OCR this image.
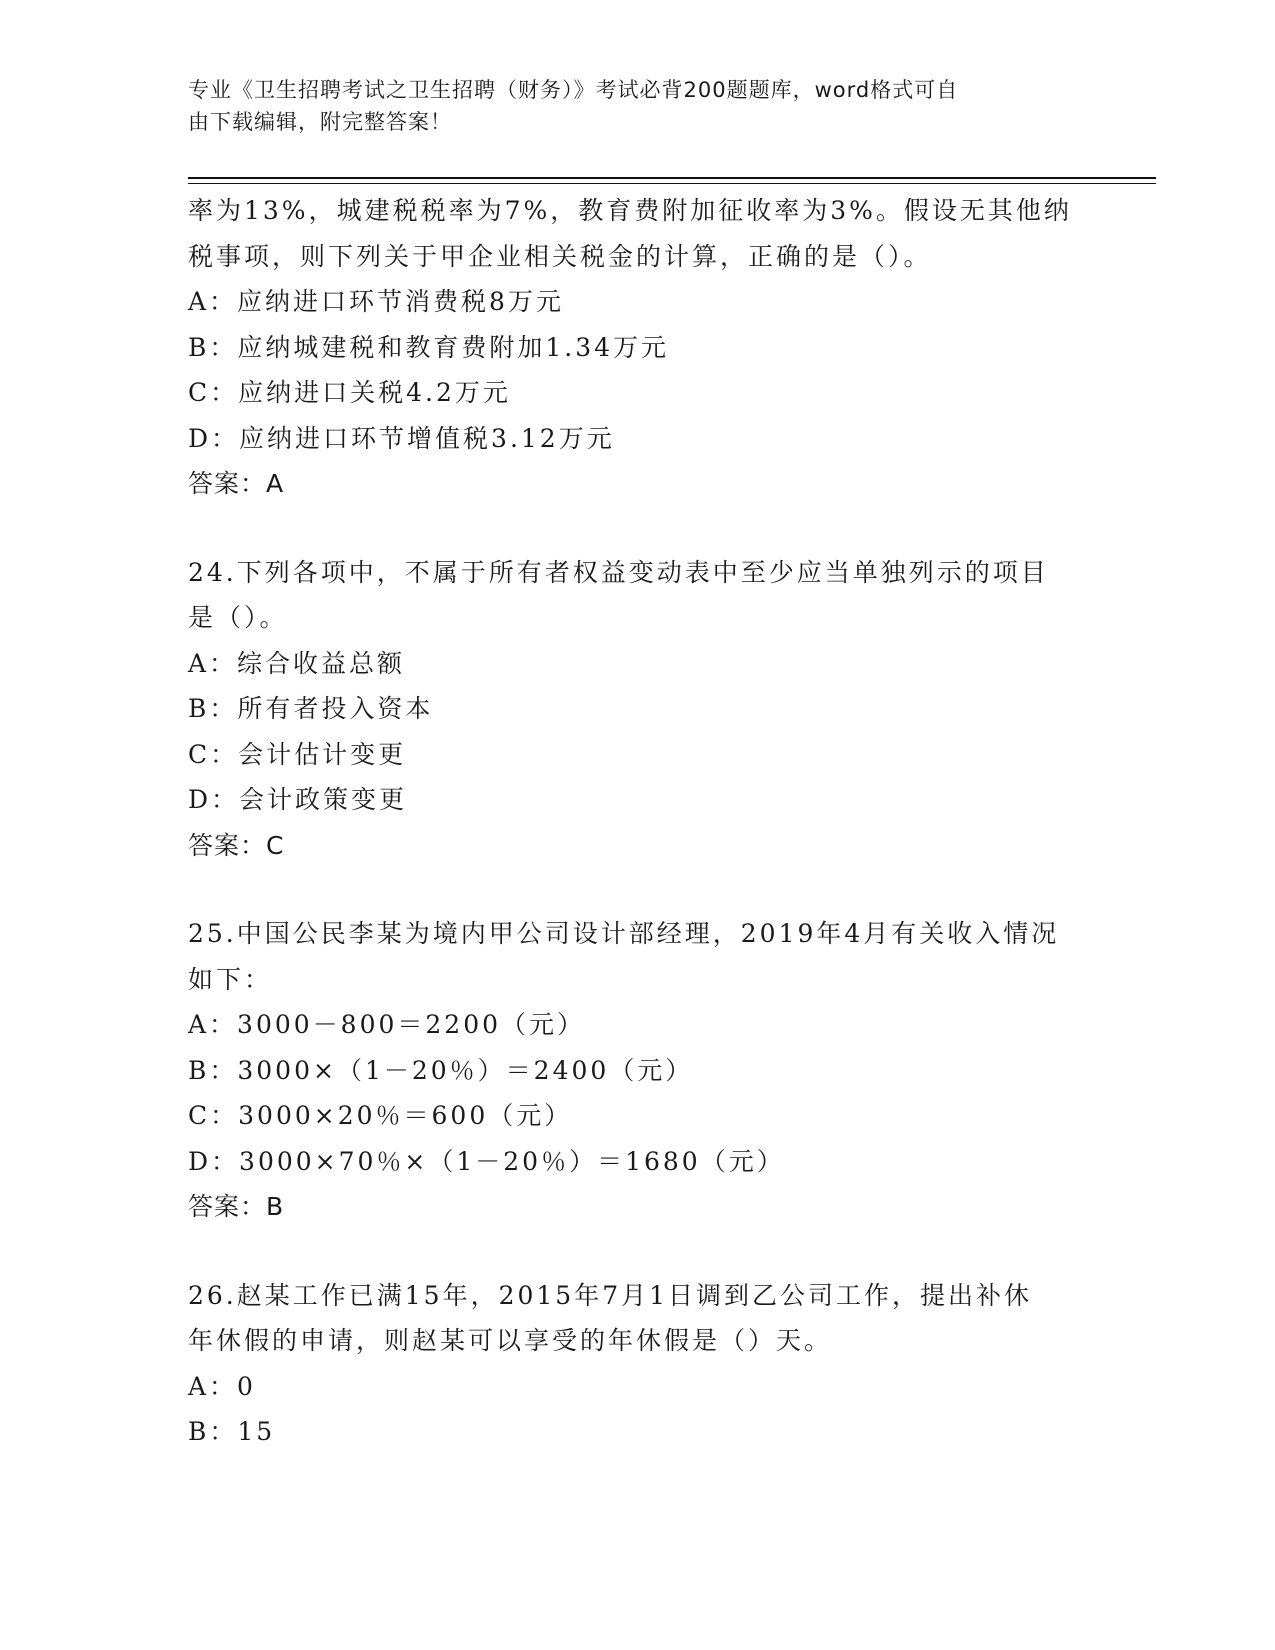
专业《卫生招聘考试之卫生招聘（财务）》考试必背200题题库，word格式可自
由下载编辑，附完整答案！
率为13%，城建税税率为7%，教育费附加征收率为3%。假设无其他纳
税事项，则下列关于甲企业相关税金的计算，正确的是（）。
A：应纳进口环节消费税8万元
B：应纳城建税和教育费附加1.34万元
C：应纳进口关税4.2万元
D：应纳进口环节增值税3.12万元
答案：A
24.下列各项中，不属于所有者权益变动表中至少应当单独列示的项目
是（）。
A：综合收益总额
B：所有者投入资本
C：会计估计变更
D：会计政策变更
答案：C
25.中国公民李某为境内甲公司设计部经理，2019年4月有关收入情况
如下：
A：3000－800＝2200（元）
B：3000×（1－20％）＝2400（元）
C：3000×20％＝600（元）
D：3000×70％×（1－20％）＝1680（元）
答案：B
26.赵某工作已满15年，2015年7月1日调到乙公司工作，提出补休
年休假的申请，则赵某可以享受的年休假是（）天。
A：0
B：15
